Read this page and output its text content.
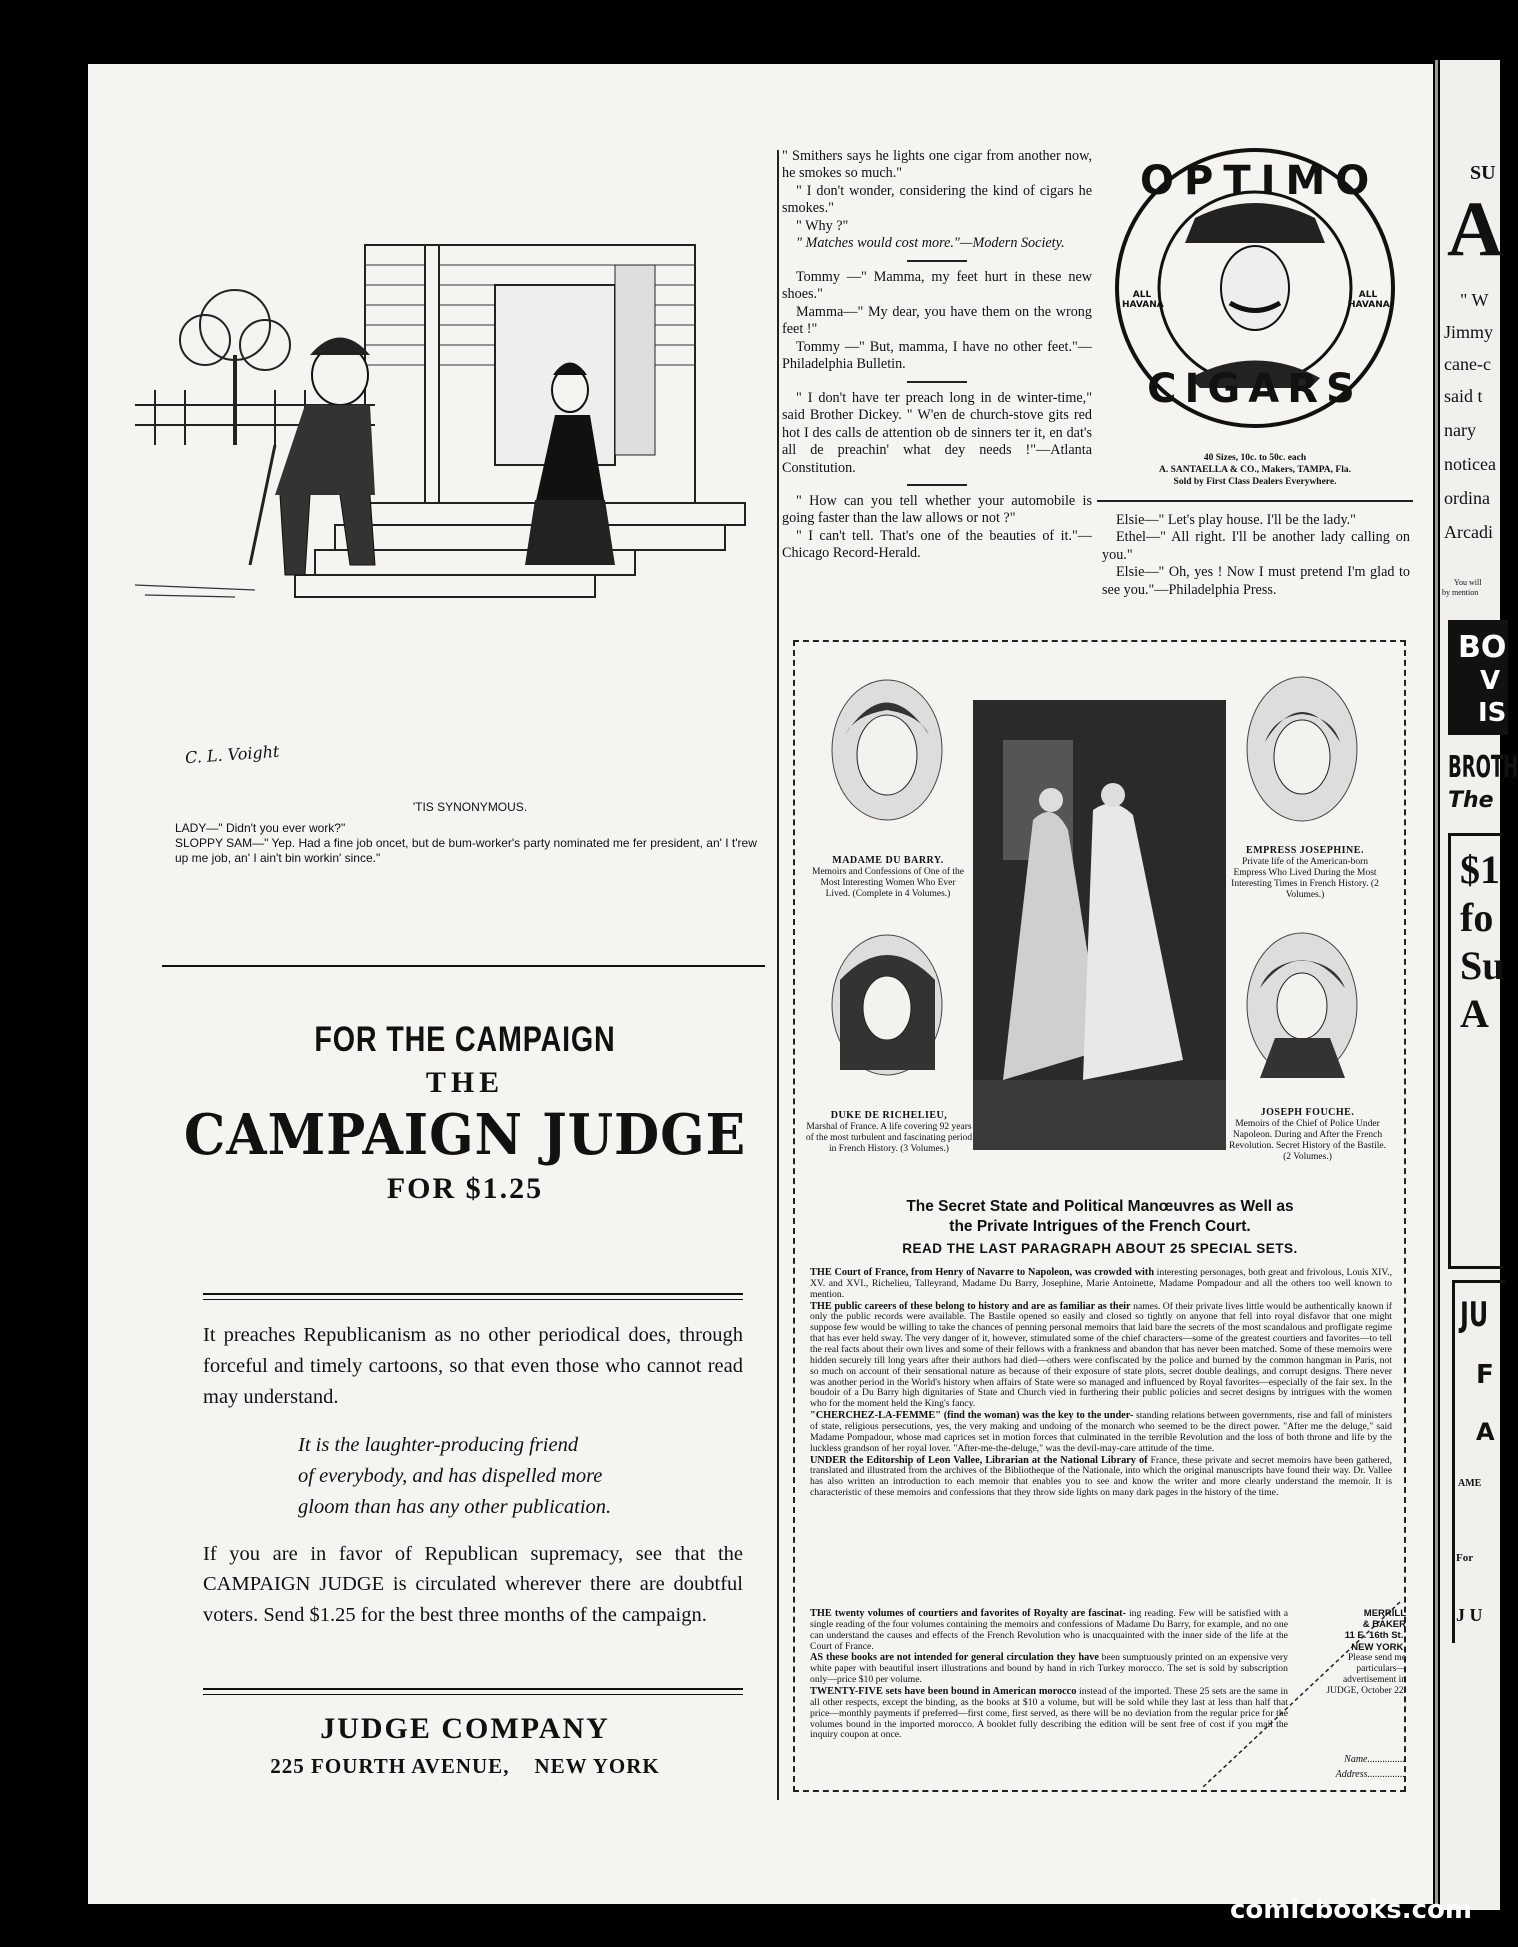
C. L. Voight
'TIS SYNONYMOUS.
LADY—" Didn't you ever work?"
SLOPPY SAM—" Yep. Had a fine job oncet, but de bum-worker's party nominated me fer president, an' I t'rew up me job, an' I ain't bin workin' since."
FOR THE CAMPAIGN
THE
CAMPAIGN JUDGE
FOR $1.25

It preaches Republicanism as no other periodical does, through forceful and timely cartoons, so that even those who cannot read may understand.

It is the laughter-producing friend
of everybody, and has dispelled more
gloom than has any other publication.

If you are in favor of Republican supremacy, see that the CAMPAIGN JUDGE is circulated wherever there are doubtful voters. Send $1.25 for the best three months of the campaign.

JUDGE COMPANY
225 FOURTH AVENUE,    NEW YORK

" Smithers says he lights one cigar from another now, he smokes so much."

" I don't wonder, considering the kind of cigars he smokes."

" Why ?"

" Matches would cost more."—Modern Society.

Tommy —" Mamma, my feet hurt in these new shoes."

Mamma—" My dear, you have them on the wrong feet !"

Tommy —" But, mamma, I have no other feet."—Philadelphia Bulletin.

" I don't have ter preach long in de winter-time," said Brother Dickey. " W'en de church-stove gits red hot I des calls de attention ob de sinners ter it, en dat's all de preachin' what dey needs !"—Atlanta Constitution.

" How can you tell whether your automobile is going faster than the law allows or not ?"

" I can't tell. That's one of the beauties of it."—Chicago Record-Herald.

OPTIMO
CIGARS
ALL HAVANA
ALL HAVANA
40 Sizes, 10c. to 50c. each
A. SANTAELLA & CO., Makers, TAMPA, Fla.
Sold by First Class Dealers Everywhere.

Elsie—" Let's play house. I'll be the lady."

Ethel—" All right. I'll be another lady calling on you."

Elsie—" Oh, yes ! Now I must pretend I'm glad to see you."—Philadelphia Press.

MADAME DU BARRY.
Memoirs and Confessions of One of the Most Interesting Women Who Ever Lived. (Complete in 4 Volumes.)
EMPRESS JOSEPHINE.
Private life of the American-born Empress Who Lived During the Most Interesting Times in French History. (2 Volumes.)
DUKE DE RICHELIEU,
Marshal of France. A life covering 92 years of the most turbulent and fascinating period in French History. (3 Volumes.)
JOSEPH FOUCHE.
Memoirs of the Chief of Police Under Napoleon. During and After the French Revolution. Secret History of the Bastile. (2 Volumes.)
The Secret State and Political Manœuvres as Well as
the Private Intrigues of the French Court.
READ THE LAST PARAGRAPH ABOUT 25 SPECIAL SETS.
THE Court of France, from Henry of Navarre to Napoleon, was crowded with interesting personages, both great and frivolous, Louis XIV., XV. and XVI., Richelieu, Talleyrand, Madame Du Barry, Josephine, Marie Antoinette, Madame Pompadour and all the others too well known to mention.
THE public careers of these belong to history and are as familiar as their names. Of their private lives little would be authentically known if only the public records were available. The Bastile opened so easily and closed so tightly on anyone that fell into royal disfavor that one might suppose few would be willing to take the chances of penning personal memoirs that laid bare the secrets of the most scandalous and profligate regime that has ever held sway. The very danger of it, however, stimulated some of the chief characters—some of the greatest courtiers and favorites—to tell the real facts about their own lives and some of their fellows with a frankness and abandon that has never been matched. Some of these memoirs were hidden securely till long years after their authors had died—others were confiscated by the police and burned by the common hangman in Paris, not so much on account of their sensational nature as because of their exposure of state plots, secret double dealings, and corrupt designs. There never was another period in the World's history when affairs of State were so managed and influenced by Royal favorites—especially of the fair sex. In the boudoir of a Du Barry high dignitaries of State and Church vied in furthering their public policies and secret designs by intrigues with the women who for the moment held the King's fancy.
"CHERCHEZ-LA-FEMME" (find the woman) was the key to the under- standing relations between governments, rise and fall of ministers of state, religious persecutions, yes, the very making and undoing of the monarch who seemed to be the direct power. "After me the deluge," said Madame Pompadour, whose mad caprices set in motion forces that culminated in the terrible Revolution and the loss of both throne and life by the luckless grandson of her royal lover. "After-me-the-deluge," was the devil-may-care attitude of the time.
UNDER the Editorship of Leon Vallee, Librarian at the National Library of France, these private and secret memoirs have been gathered, translated and illustrated from the archives of the Bibliotheque of the Nationale, into which the original manuscripts have found their way. Dr. Vallee has also written an introduction to each memoir that enables you to see and know the writer and more clearly understand the memoir. It is characteristic of these memoirs and confessions that they throw side lights on many dark pages in the history of the time.
THE twenty volumes of courtiers and favorites of Royalty are fascinat- ing reading. Few will be satisfied with a single reading of the four volumes containing the memoirs and confessions of Madame Du Barry, for example, and no one can understand the causes and effects of the French Revolution who is unacquainted with the inner side of the life at the Court of France.
AS these books are not intended for general circulation they have been sumptuously printed on an expensive very white paper with beautiful insert illustrations and bound by hand in rich Turkey morocco. The set is sold by subscription only—price $10 per volume.
TWENTY-FIVE sets have been bound in American morocco instead of the imported. These 25 sets are the same in all other respects, except the binding, as the books at $10 a volume, but will be sold while they last at less than half that price—monthly payments if preferred—first come, first served, as there will be no deviation from the regular price for the volumes bound in the imported morocco. A booklet fully describing the edition will be sent free of cost if you mail the inquiry coupon at once.
MERRILL
& BAKER
11 E. 16th St.,
NEW YORK.
Please send me particulars—advertisement in JUDGE, October 22.
Name...............
Address...............
SU
A
" W
Jimmy
cane-c
said t
nary
noticea
ordina
Arcadi
You will
by mention
BO
V
IS
BROTH
The
$1
fo
Su
A
JU
F
A
AME
For
J U
comicbooks.com
